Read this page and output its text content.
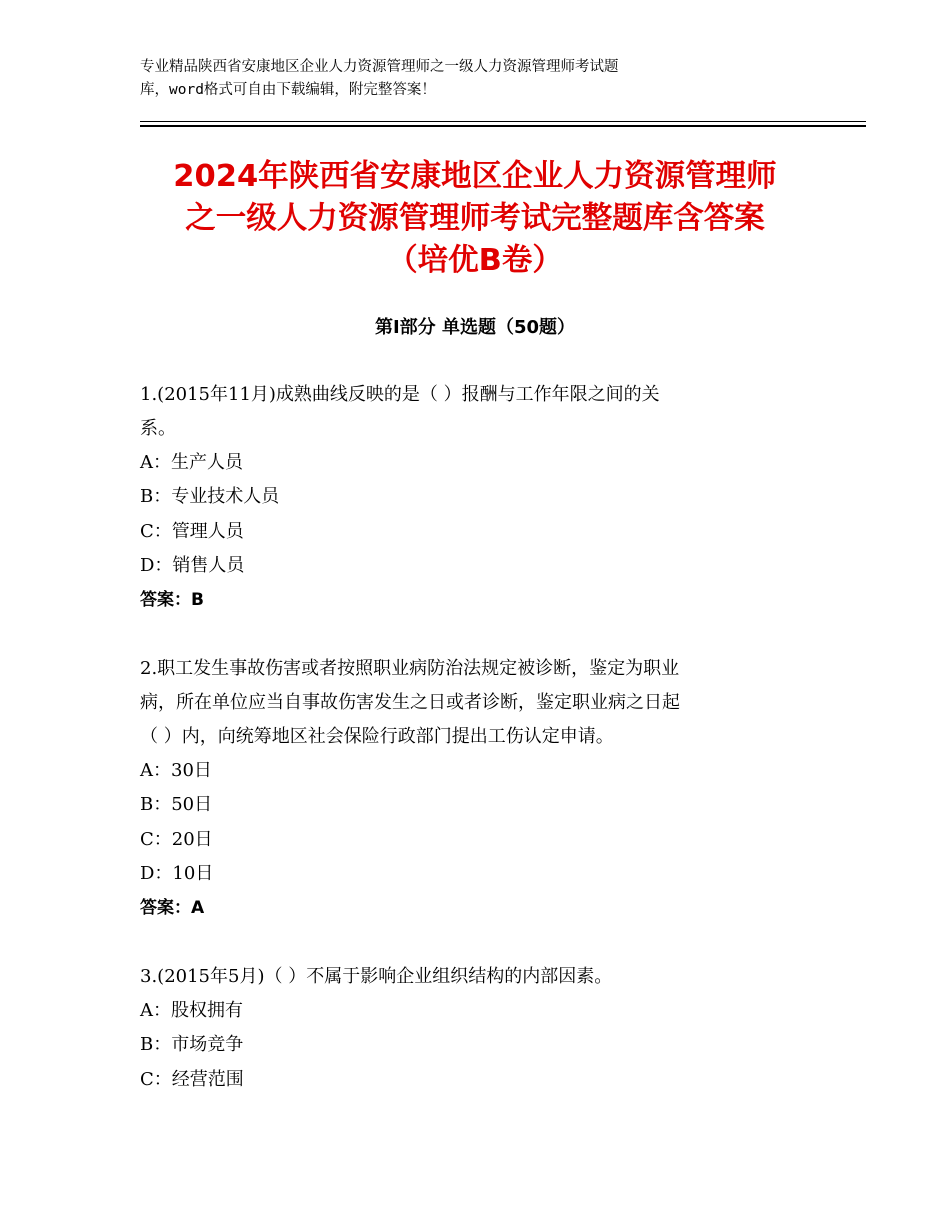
专业精品陕西省安康地区企业人力资源管理师之一级人力资源管理师考试题
库，word格式可自由下载编辑，附完整答案！
2024年陕西省安康地区企业人力资源管理师
之一级人力资源管理师考试完整题库含答案
（培优B卷）
第Ⅰ部分 单选题（50题）
1.(2015年11月)成熟曲线反映的是（ ）报酬与工作年限之间的关
系。
A：生产人员
B：专业技术人员
C：管理人员
D：销售人员
答案：B
2.职工发生事故伤害或者按照职业病防治法规定被诊断，鉴定为职业
病，所在单位应当自事故伤害发生之日或者诊断，鉴定职业病之日起
（ ）内，向统筹地区社会保险行政部门提出工伤认定申请。
A：30日
B：50日
C：20日
D：10日
答案：A
3.(2015年5月)（ ）不属于影响企业组织结构的内部因素。
A：股权拥有
B：市场竞争
C：经营范围
